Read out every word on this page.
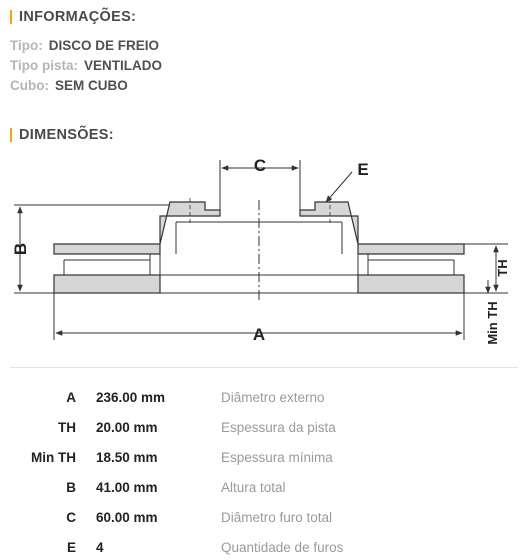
INFORMAÇÕES:
Tipo: DISCO DE FREIO
Tipo pista: VENTILADO
Cubo: SEM CUBO
DIMENSÕES:
C	E
B
A
TH
Min TH
A 236.00 mm	Diâmetro externo
TH 20.00 mm	Espessura da pista
Min TH 18.50 mm	Espessura mínima
B 41.00 mm	Altura total
C 60.00 mm	Diâmetro furo total
E 4	Quantidade de furos
